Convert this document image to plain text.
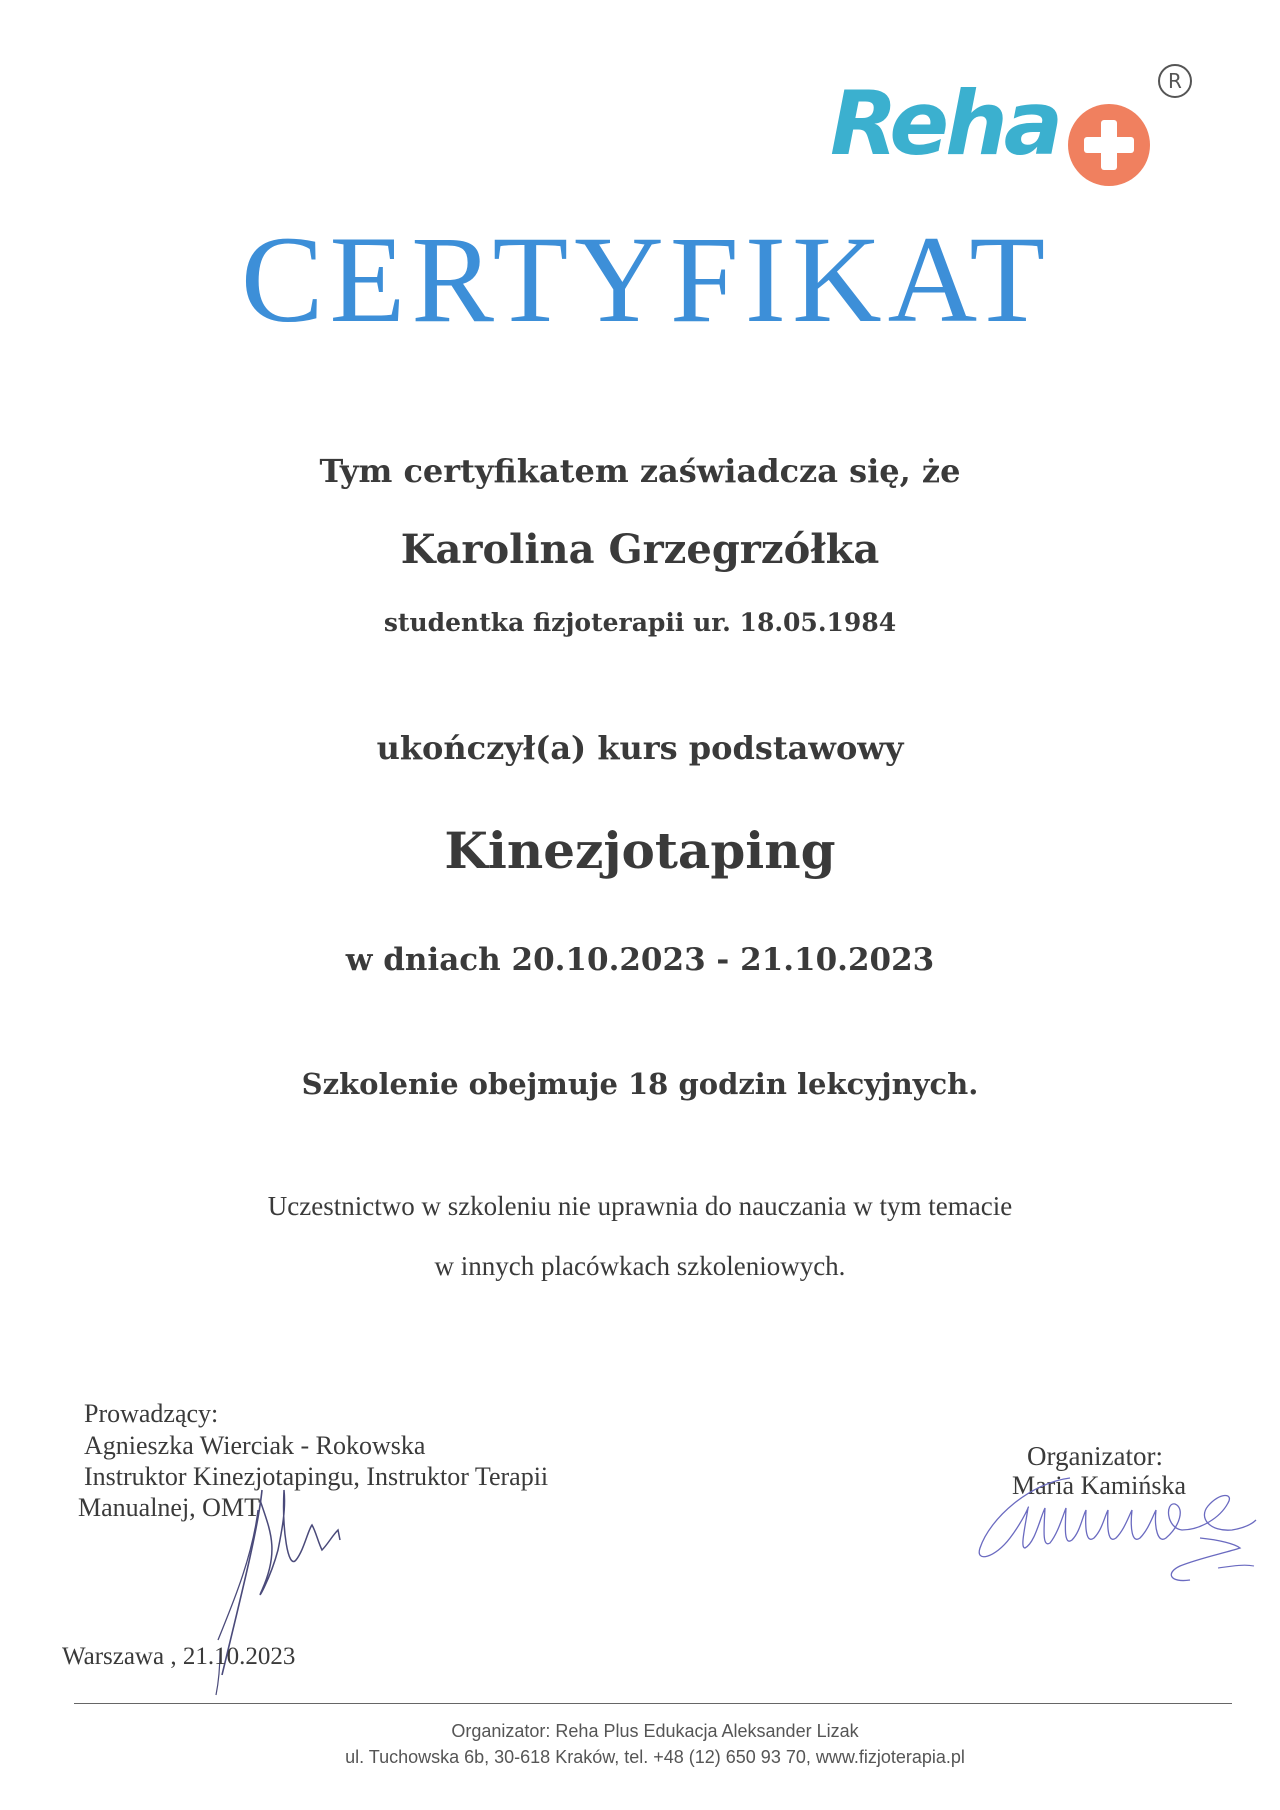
Reha	R
CERTYFIKAT
Tym certyfikatem zaświadcza się, że
Karolina Grzegrzółka
studentka fizjoterapii ur. 18.05.1984
ukończył(a) kurs podstawowy
Kinezjotaping
w dniach 20.10.2023 - 21.10.2023
Szkolenie obejmuje 18 godzin lekcyjnych.
Uczestnictwo w szkoleniu nie uprawnia do nauczania w tym temacie
w innych placówkach szkoleniowych.
Prowadzący:
Agnieszka Wierciak - Rokowska
Instruktor Kinezjotapingu, Instruktor Terapii
Manualnej, OMT
Organizator:
Maria Kamińska
Warszawa , 21.10.2023
Organizator: Reha Plus Edukacja Aleksander Lizak
ul. Tuchowska 6b, 30-618 Kraków, tel. +48 (12) 650 93 70, www.fizjoterapia.pl
